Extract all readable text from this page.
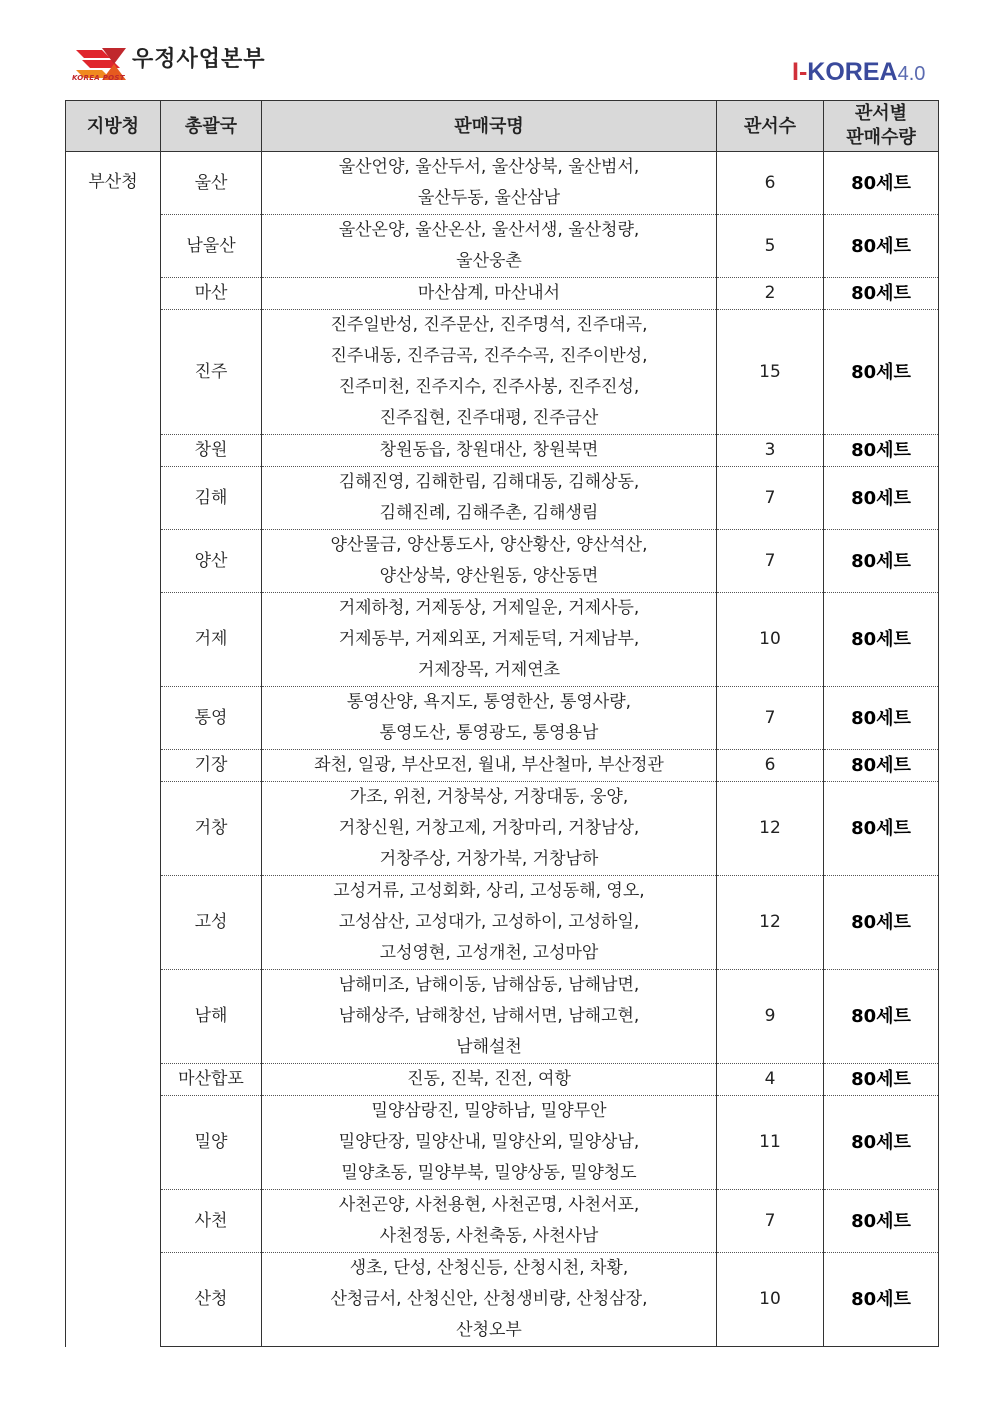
KOREA POST
우정사업본부	I-KOREA4.0
지방청	총괄국	판매국명	관서수	관서별
판매수량
부산청	울산	울산언양, 울산두서, 울산상북, 울산범서,
울산두동, 울산삼남	6	80세트
	남울산	울산온양, 울산온산, 울산서생, 울산청량,
울산웅촌	5	80세트
	마산	마산삼계, 마산내서	2	80세트
	진주	진주일반성, 진주문산, 진주명석, 진주대곡,
진주내동, 진주금곡, 진주수곡, 진주이반성,
진주미천, 진주지수, 진주사봉, 진주진성,
진주집현, 진주대평, 진주금산	15	80세트
	창원	창원동읍, 창원대산, 창원북면	3	80세트
	김해	김해진영, 김해한림, 김해대동, 김해상동,
김해진례, 김해주촌, 김해생림	7	80세트
	양산	양산물금, 양산통도사, 양산황산, 양산석산,
양산상북, 양산원동, 양산동면	7	80세트
	거제	거제하청, 거제동상, 거제일운, 거제사등,
거제동부, 거제외포, 거제둔덕, 거제남부,
거제장목, 거제연초	10	80세트
	통영	통영산양, 욕지도, 통영한산, 통영사량,
통영도산, 통영광도, 통영용남	7	80세트
	기장	좌천, 일광, 부산모전, 월내, 부산철마, 부산정관	6	80세트
	거창	가조, 위천, 거창북상, 거창대동, 웅양,
거창신원, 거창고제, 거창마리, 거창남상,
거창주상, 거창가북, 거창남하	12	80세트
	고성	고성거류, 고성회화, 상리, 고성동해, 영오,
고성삼산, 고성대가, 고성하이, 고성하일,
고성영현, 고성개천, 고성마암	12	80세트
	남해	남해미조, 남해이동, 남해삼동, 남해남면,
남해상주, 남해창선, 남해서면, 남해고현,
남해설천	9	80세트
	마산합포	진동, 진북, 진전, 여항	4	80세트
	밀양	밀양삼랑진, 밀양하남, 밀양무안
밀양단장, 밀양산내, 밀양산외, 밀양상남,
밀양초동, 밀양부북, 밀양상동, 밀양청도	11	80세트
	사천	사천곤양, 사천용현, 사천곤명, 사천서포,
사천정동, 사천축동, 사천사남	7	80세트
	산청	생초, 단성, 산청신등, 산청시천, 차황,
산청금서, 산청신안, 산청생비량, 산청삼장,
산청오부	10	80세트
